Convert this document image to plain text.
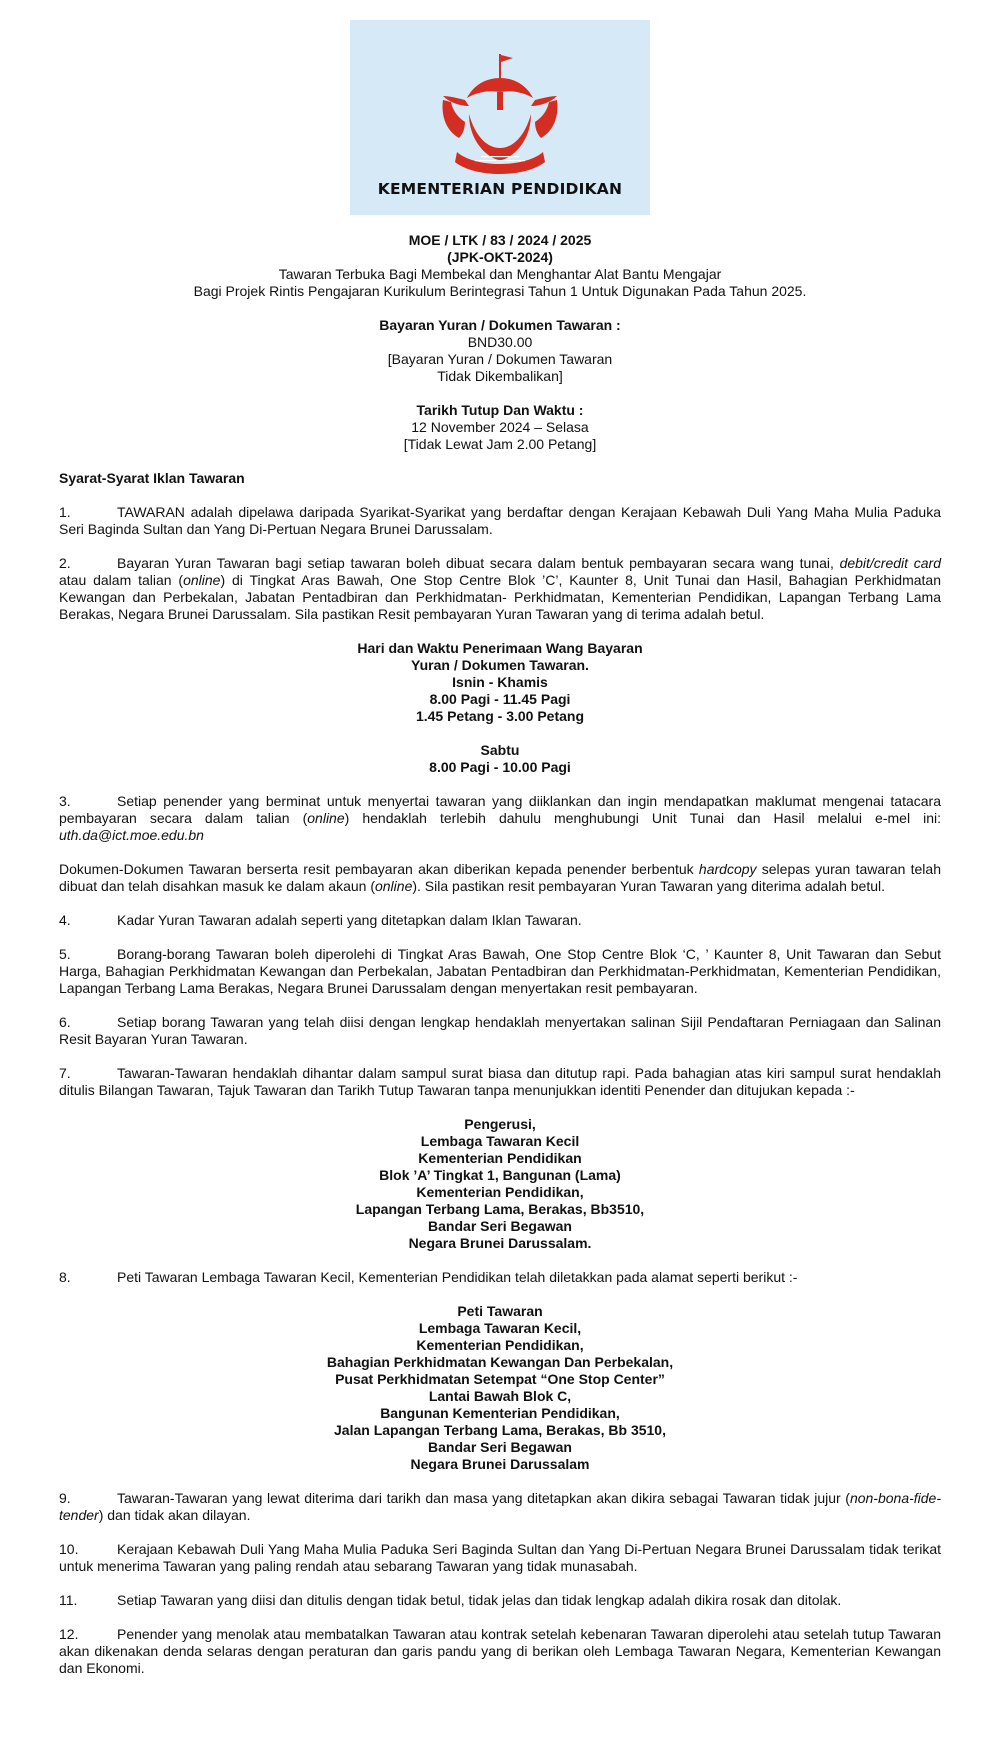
KEMENTERIAN PENDIDIKAN
MOE / LTK / 83 / 2024 / 2025
(JPK-OKT-2024)
Tawaran Terbuka Bagi Membekal dan Menghantar Alat Bantu Mengajar
Bagi Projek Rintis Pengajaran Kurikulum Berintegrasi Tahun 1 Untuk Digunakan Pada Tahun 2025.
Bayaran Yuran / Dokumen Tawaran :
BND30.00
[Bayaran Yuran / Dokumen Tawaran
Tidak Dikembalikan]
Tarikh Tutup Dan Waktu :
12 November 2024 – Selasa
[Tidak Lewat Jam 2.00 Petang]
Syarat-Syarat Iklan Tawaran

1.	TAWARAN adalah dipelawa daripada Syarikat-Syarikat yang berdaftar dengan Kerajaan Kebawah Duli Yang Maha Mulia Paduka Seri Baginda Sultan dan Yang Di-Pertuan Negara Brunei Darussalam.

2.	Bayaran Yuran Tawaran bagi setiap tawaran boleh dibuat secara dalam bentuk pembayaran secara wang tunai, debit/credit card atau dalam talian (online) di Tingkat Aras Bawah, One Stop Centre Blok ’C’, Kaunter 8, Unit Tunai dan Hasil, Bahagian Perkhidmatan Kewangan dan Perbekalan, Jabatan Pentadbiran dan Perkhidmatan- Perkhidmatan, Kementerian Pendidikan, Lapangan Terbang Lama Berakas, Negara Brunei Darussalam. Sila pastikan Resit pembayaran Yuran Tawaran yang di terima adalah betul.

Hari dan Waktu Penerimaan Wang Bayaran
Yuran / Dokumen Tawaran.
Isnin - Khamis
8.00 Pagi - 11.45 Pagi
1.45 Petang - 3.00 Petang
Sabtu
8.00 Pagi - 10.00 Pagi

3.	Setiap penender yang berminat untuk menyertai tawaran yang diiklankan dan ingin mendapatkan maklumat mengenai tatacara pembayaran secara dalam talian (online) hendaklah terlebih dahulu menghubungi Unit Tunai dan Hasil melalui e-mel ini: uth.da@ict.moe.edu.bn

Dokumen-Dokumen Tawaran berserta resit pembayaran akan diberikan kepada penender berbentuk hardcopy selepas yuran tawaran telah dibuat dan telah disahkan masuk ke dalam akaun (online). Sila pastikan resit pembayaran Yuran Tawaran yang diterima adalah betul.

4.	Kadar Yuran Tawaran adalah seperti yang ditetapkan dalam Iklan Tawaran.

5.	Borang-borang Tawaran boleh diperolehi di Tingkat Aras Bawah, One Stop Centre Blok ‘C, ’ Kaunter 8, Unit Tawaran dan Sebut Harga, Bahagian Perkhidmatan Kewangan dan Perbekalan, Jabatan Pentadbiran dan Perkhidmatan-Perkhidmatan, Kementerian Pendidikan, Lapangan Terbang Lama Berakas, Negara Brunei Darussalam dengan menyertakan resit pembayaran.

6.	Setiap borang Tawaran yang telah diisi dengan lengkap hendaklah menyertakan salinan Sijil Pendaftaran Perniagaan dan Salinan Resit Bayaran Yuran Tawaran.

7.	Tawaran-Tawaran hendaklah dihantar dalam sampul surat biasa dan ditutup rapi. Pada bahagian atas kiri sampul surat hendaklah ditulis Bilangan Tawaran, Tajuk Tawaran dan Tarikh Tutup Tawaran tanpa menunjukkan identiti Penender dan ditujukan kepada :-

Pengerusi,
Lembaga Tawaran Kecil
Kementerian Pendidikan
Blok ’A’ Tingkat 1, Bangunan (Lama)
Kementerian Pendidikan,
Lapangan Terbang Lama, Berakas, Bb3510,
Bandar Seri Begawan
Negara Brunei Darussalam.

8.	Peti Tawaran Lembaga Tawaran Kecil, Kementerian Pendidikan telah diletakkan pada alamat seperti berikut :-

Peti Tawaran
Lembaga Tawaran Kecil,
Kementerian Pendidikan,
Bahagian Perkhidmatan Kewangan Dan Perbekalan,
Pusat Perkhidmatan Setempat “One Stop Center”
Lantai Bawah Blok C,
Bangunan Kementerian Pendidikan,
Jalan Lapangan Terbang Lama, Berakas, Bb 3510,
Bandar Seri Begawan
Negara Brunei Darussalam

9.	Tawaran-Tawaran yang lewat diterima dari tarikh dan masa yang ditetapkan akan dikira sebagai Tawaran tidak jujur (non-bona-fide-tender) dan tidak akan dilayan.

10.	Kerajaan Kebawah Duli Yang Maha Mulia Paduka Seri Baginda Sultan dan Yang Di-Pertuan Negara Brunei Darussalam tidak terikat untuk menerima Tawaran yang paling rendah atau sebarang Tawaran yang tidak munasabah.

11.	Setiap Tawaran yang diisi dan ditulis dengan tidak betul, tidak jelas dan tidak lengkap adalah dikira rosak dan ditolak.

12.	Penender yang menolak atau membatalkan Tawaran atau kontrak setelah kebenaran Tawaran diperolehi atau setelah tutup Tawaran akan dikenakan denda selaras dengan peraturan dan garis pandu yang di berikan oleh Lembaga Tawaran Negara, Kementerian Kewangan dan Ekonomi.
